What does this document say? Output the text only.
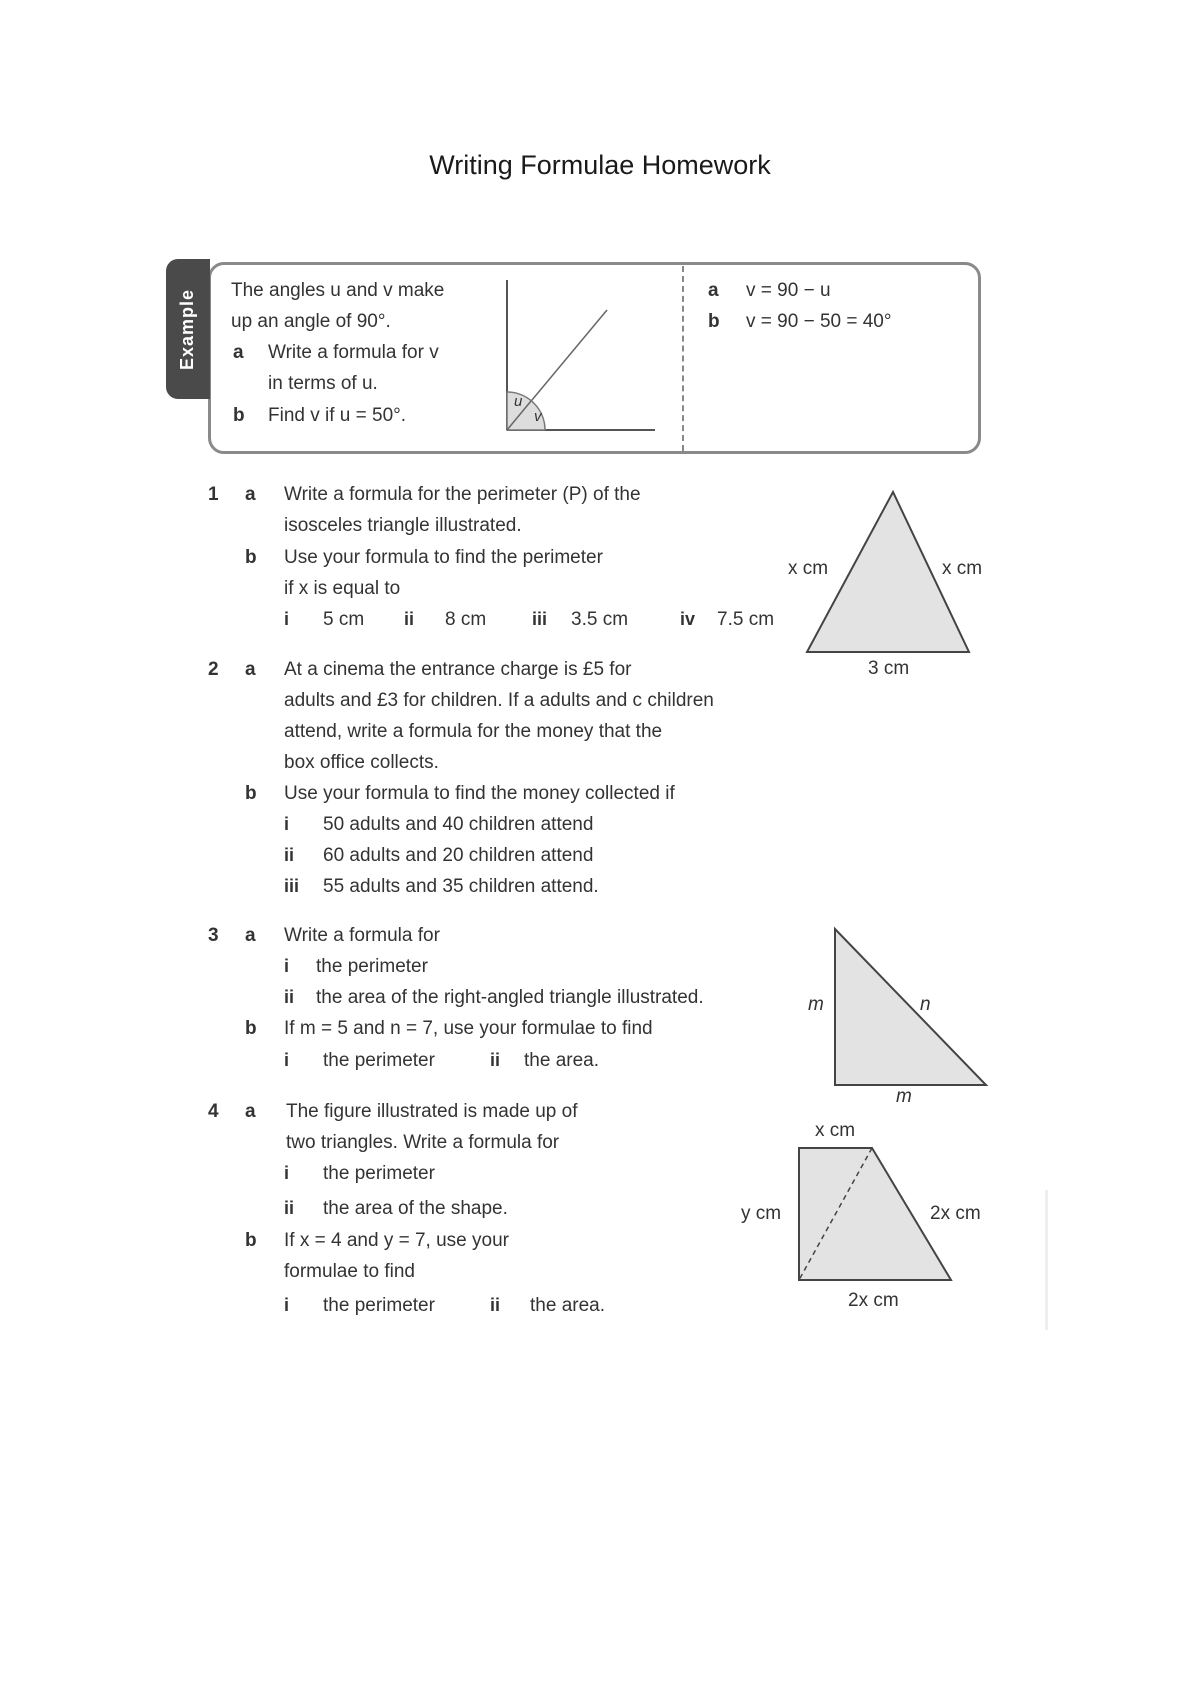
Writing Formulae Homework
Example The angles u and v make
up an angle of 90°.
a Write a formula for v
in terms of u.
b Find v if u = 50°.
u
v
a v = 90 − u
b v = 90 − 50 = 40°
1 a Write a formula for the perimeter (P) of the
isosceles triangle illustrated.
b Use your formula to find the perimeter
if x is equal to
i 5 cm ii 8 cm	iii 3.5 cm	iv 7.5 cm
x cm	x cm
3 cm
2 a At a cinema the entrance charge is £5 for
adults and £3 for children. If a adults and c children
attend, write a formula for the money that the
box office collects.
b Use your formula to find the money collected if
i 50 adults and 40 children attend
ii 60 adults and 20 children attend
iii 55 adults and 35 children attend.
3 a Write a formula for
i the perimeter
ii the area of the right-angled triangle illustrated.
b If m = 5 and n = 7, use your formulae to find
i the perimeter	ii the area.
m	n
m
4 a The figure illustrated is made up of
two triangles. Write a formula for
i the perimeter
ii the area of the shape.
b If x = 4 and y = 7, use your
formulae to find
i the perimeter	ii the area.
x cm
y cm	2x cm
2x cm
